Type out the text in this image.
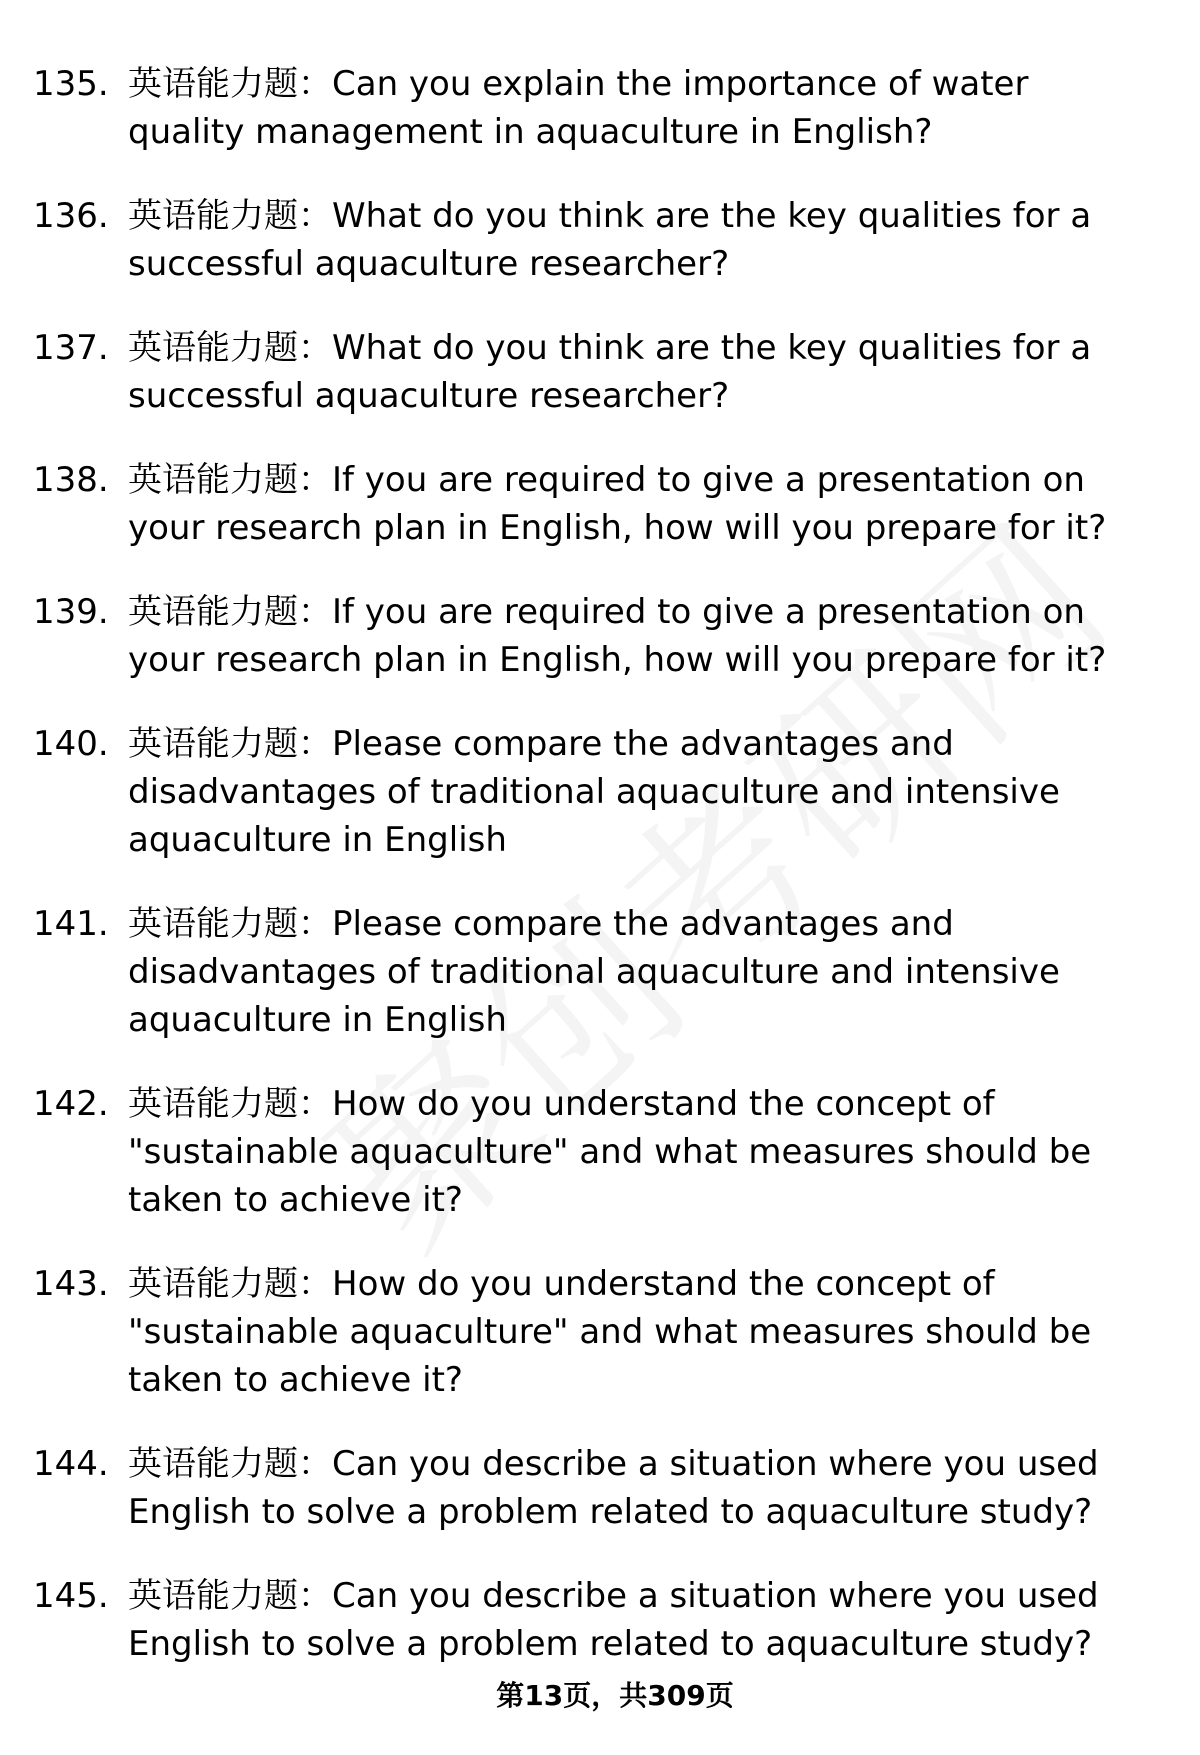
135. 英语能力题：Can you explain the importance of water
quality management in aquaculture in English?
136. 英语能力题：What do you think are the key qualities for a
successful aquaculture researcher?
137. 英语能力题：What do you think are the key qualities for a
successful aquaculture researcher?
138. 英语能力题：If you are required to give a presentation on
your research plan in English, how will you prepare for it?
139. 英语能力题：If you are required to give a presentation on
your research plan in English, how will you prepare for it?
140. 英语能力题：Please compare the advantages and
disadvantages of traditional aquaculture and intensive
aquaculture in English
141. 英语能力题：Please compare the advantages and
disadvantages of traditional aquaculture and intensive
aquaculture in English
142. 英语能力题：How do you understand the concept of
"sustainable aquaculture" and what measures should be
taken to achieve it?
143. 英语能力题：How do you understand the concept of
"sustainable aquaculture" and what measures should be
taken to achieve it?
144. 英语能力题：Can you describe a situation where you used
English to solve a problem related to aquaculture study?
145. 英语能力题：Can you describe a situation where you used
English to solve a problem related to aquaculture study?
第13页，共309页
